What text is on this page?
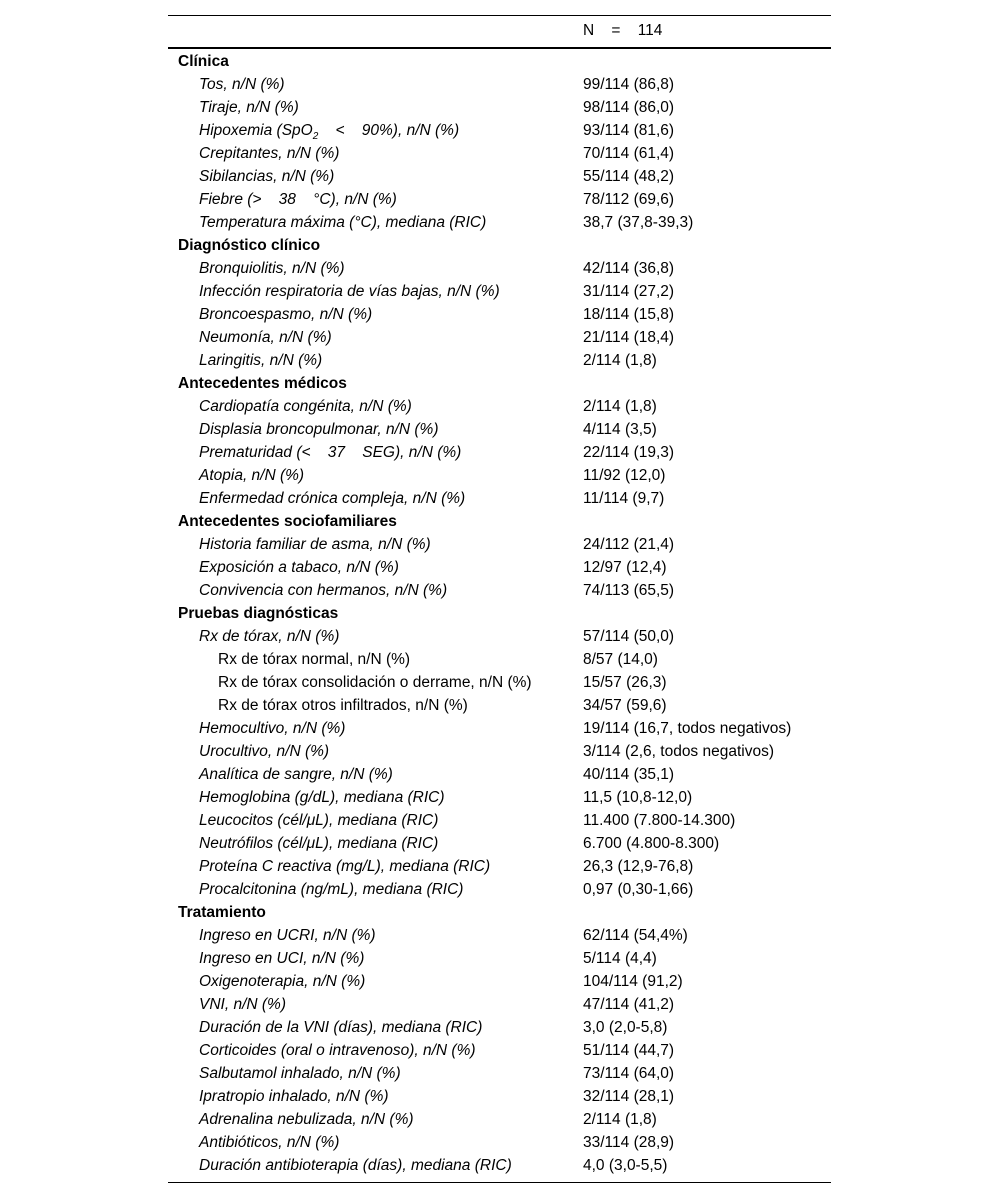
N    =    114
Clínica
Tos, n/N (%)	99/114 (86,8)
Tiraje, n/N (%)	98/114 (86,0)
Hipoxemia (SpO$_2$    <    90%), n/N (%)	93/114 (81,6)
Crepitantes, n/N (%)	70/114 (61,4)
Sibilancias, n/N (%)	55/114 (48,2)
Fiebre (>    38    °C), n/N (%)	78/112 (69,6)
Temperatura máxima (°C), mediana (RIC)	38,7 (37,8-39,3)
Diagnóstico clínico
Bronquiolitis, n/N (%)	42/114 (36,8)
Infección respiratoria de vías bajas, n/N (%)	31/114 (27,2)
Broncoespasmo, n/N (%)	18/114 (15,8)
Neumonía, n/N (%)	21/114 (18,4)
Laringitis, n/N (%)	2/114 (1,8)
Antecedentes médicos
Cardiopatía congénita, n/N (%)	2/114 (1,8)
Displasia broncopulmonar, n/N (%)	4/114 (3,5)
Prematuridad (<    37    SEG), n/N (%)	22/114 (19,3)
Atopia, n/N (%)	11/92 (12,0)
Enfermedad crónica compleja, n/N (%)	11/114 (9,7)
Antecedentes sociofamiliares
Historia familiar de asma, n/N (%)	24/112 (21,4)
Exposición a tabaco, n/N (%)	12/97 (12,4)
Convivencia con hermanos, n/N (%)	74/113 (65,5)
Pruebas diagnósticas
Rx de tórax, n/N (%)	57/114 (50,0)
Rx de tórax normal, n/N (%)	8/57 (14,0)
Rx de tórax consolidación o derrame, n/N (%)	15/57 (26,3)
Rx de tórax otros infiltrados, n/N (%)	34/57 (59,6)
Hemocultivo, n/N (%)	19/114 (16,7, todos negativos)
Urocultivo, n/N (%)	3/114 (2,6, todos negativos)
Analítica de sangre, n/N (%)	40/114 (35,1)
Hemoglobina (g/dL), mediana (RIC)	11,5 (10,8-12,0)
Leucocitos (cél/μL), mediana (RIC)	11.400 (7.800-14.300)
Neutrófilos (cél/μL), mediana (RIC)	6.700 (4.800-8.300)
Proteína C reactiva (mg/L), mediana (RIC)	26,3 (12,9-76,8)
Procalcitonina (ng/mL), mediana (RIC)	0,97 (0,30-1,66)
Tratamiento
Ingreso en UCRI, n/N (%)	62/114 (54,4%)
Ingreso en UCI, n/N (%)	5/114 (4,4)
Oxigenoterapia, n/N (%)	104/114 (91,2)
VNI, n/N (%)	47/114 (41,2)
Duración de la VNI (días), mediana (RIC)	3,0 (2,0-5,8)
Corticoides (oral o intravenoso), n/N (%)	51/114 (44,7)
Salbutamol inhalado, n/N (%)	73/114 (64,0)
Ipratropio inhalado, n/N (%)	32/114 (28,1)
Adrenalina nebulizada, n/N (%)	2/114 (1,8)
Antibióticos, n/N (%)	33/114 (28,9)
Duración antibioterapia (días), mediana (RIC)	4,0 (3,0-5,5)
